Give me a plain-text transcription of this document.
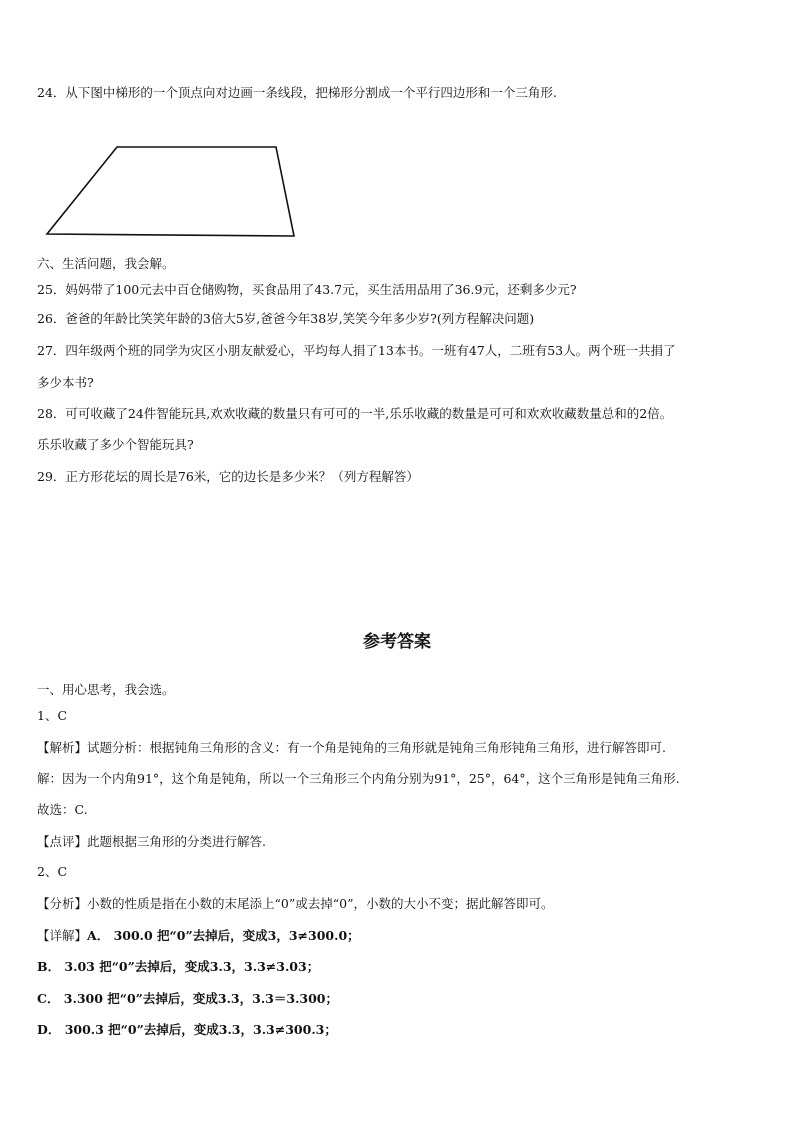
24．从下图中梯形的一个顶点向对边画一条线段，把梯形分割成一个平行四边形和一个三角形.

六、生活问题，我会解。

25．妈妈带了100元去中百仓储购物，买食品用了43.7元，买生活用品用了36.9元，还剩多少元?

26．爸爸的年龄比笑笑年龄的3倍大5岁,爸爸今年38岁,笑笑今年多少岁?(列方程解决问题)

27．四年级两个班的同学为灾区小朋友献爱心，平均每人捐了13本书。一班有47人，二班有53人。两个班一共捐了

多少本书?

28．可可收藏了24件智能玩具,欢欢收藏的数量只有可可的一半,乐乐收藏的数量是可可和欢欢收藏数量总和的2倍。

乐乐收藏了多少个智能玩具?

29．正方形花坛的周长是76米，它的边长是多少米？（列方程解答）

参考答案

一、用心思考，我会选。

1、C

【解析】试题分析：根据钝角三角形的含义：有一个角是钝角的三角形就是钝角三角形钝角三角形，进行解答即可.

解：因为一个内角91°，这个角是钝角，所以一个三角形三个内角分别为91°，25°，64°，这个三角形是钝角三角形.

故选：C.

【点评】此题根据三角形的分类进行解答.

2、C

【分析】小数的性质是指在小数的末尾添上“0”或去掉“0”，小数的大小不变；据此解答即可。

【详解】A． 300.0 把“0”去掉后，变成3，3≠300.0；

B． 3.03 把“0”去掉后，变成3.3，3.3≠3.03；

C． 3.300 把“0”去掉后，变成3.3，3.3＝3.300；

D． 300.3 把“0”去掉后，变成3.3，3.3≠300.3；
